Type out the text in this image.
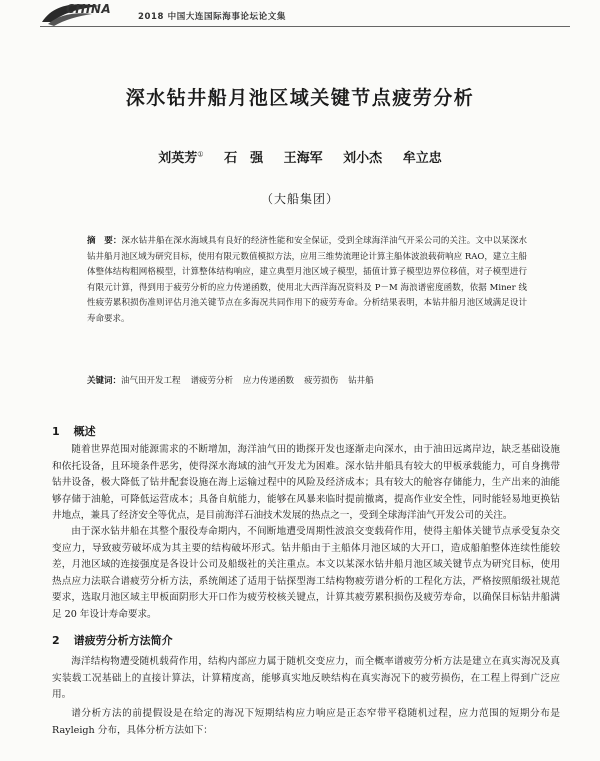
CHINA
2018 中国大连国际海事论坛论文集
深水钻井船月池区域关键节点疲劳分析
刘英芳① 石　强 王海军 刘小杰 牟立忠
（大船集团）
摘　要：深水钻井船在深水海域具有良好的经济性能和安全保证，受到全球海洋油气开采公司的关注。文中以某深水钻井船月池区域为研究目标，使用有限元数值模拟方法，应用三维势流理论计算主船体波浪载荷响应 RAO，建立主船体整体结构粗网格模型，计算整体结构响应，建立典型月池区域子模型，插值计算子模型边界位移值，对子模型进行有限元计算，得到用于疲劳分析的应力传递函数，使用北大西洋海况资料及 P－M 海浪谱密度函数，依据 Miner 线性疲劳累积损伤准则评估月池关键节点在多海况共同作用下的疲劳寿命。分析结果表明，本钻井船月池区域满足设计寿命要求。
关键词：油气田开发工程 谱疲劳分析 应力传递函数 疲劳损伤 钻井船
1 概述
随着世界范围对能源需求的不断增加，海洋油气田的勘探开发也逐渐走向深水，由于油田远离岸边，缺乏基础设施和依托设备，且环境条件恶劣，使得深水海域的油气开发尤为困难。深水钻井船具有较大的甲板承载能力，可自身携带钻井设备，极大降低了钻井配套设施在海上运输过程中的风险及经济成本；具有较大的舱容存储能力，生产出来的油能够存储于油舱，可降低运营成本；具备自航能力，能够在风暴来临时提前撤离，提高作业安全性，同时能轻易地更换钻井地点，兼具了经济安全等优点，是目前海洋石油技术发展的热点之一，受到全球海洋油气开发公司的关注。
由于深水钻井船在其整个服役寿命期内，不间断地遭受周期性波浪交变载荷作用，使得主船体关键节点承受复杂交变应力，导致疲劳破坏成为其主要的结构破坏形式。钻井船由于主船体月池区域的大开口，造成船舶整体连续性能较差，月池区域的连接强度是各设计公司及船级社的关注重点。本文以某深水钻井船月池区域关键节点为研究目标，使用热点应力法联合谱疲劳分析方法，系统阐述了适用于钻探型海工结构物疲劳谱分析的工程化方法，严格按照船级社规范要求，选取月池区域主甲板面阴形大开口作为疲劳校核关键点，计算其疲劳累积损伤及疲劳寿命，以确保目标钻井船满足 20 年设计寿命要求。
2 谱疲劳分析方法简介
海洋结构物遭受随机载荷作用，结构内部应力属于随机交变应力，而全概率谱疲劳分析方法是建立在真实海况及真实装载工况基础上的直接计算法，计算精度高，能够真实地反映结构在真实海况下的疲劳损伤，在工程上得到广泛应用。
谱分析方法的前提假设是在给定的海况下短期结构应力响应是正态窄带平稳随机过程，应力范围的短期分布是 Rayleigh 分布，具体分析方法如下：
